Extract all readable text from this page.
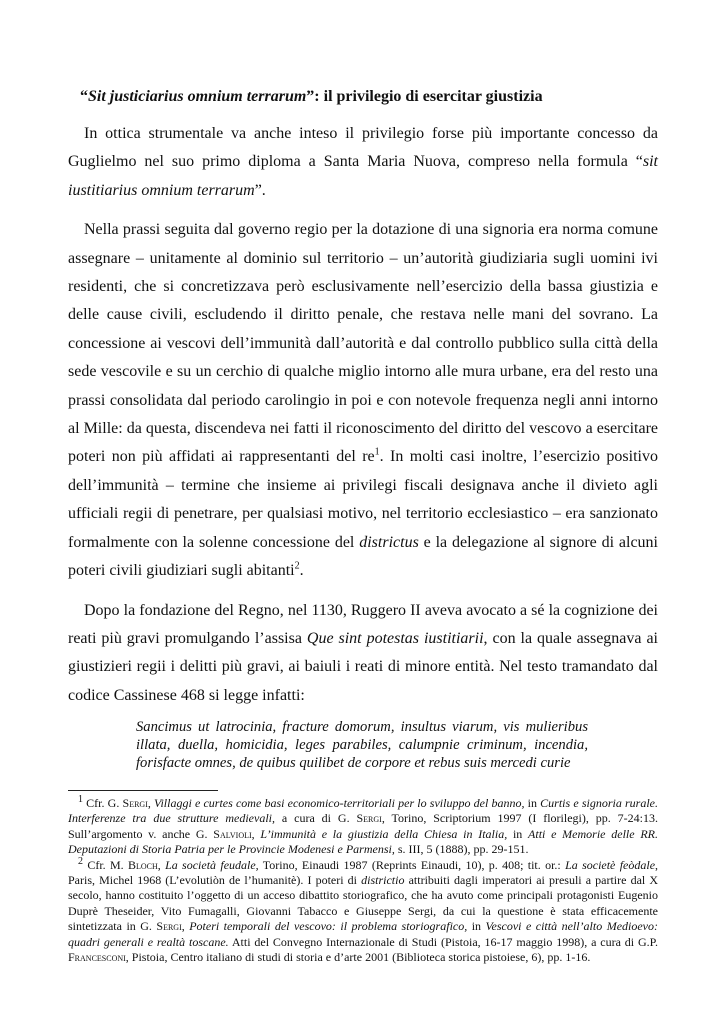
“Sit justiciarius omnium terrarum”: il privilegio di esercitar giustizia

In ottica strumentale va anche inteso il privilegio forse più importante concesso da Guglielmo nel suo primo diploma a Santa Maria Nuova, compreso nella formula “sit iustitiarius omnium terrarum”.

Nella prassi seguita dal governo regio per la dotazione di una signoria era norma comune assegnare – unitamente al dominio sul territorio – un’autorità giudiziaria sugli uomini ivi residenti, che si concretizzava però esclusivamente nell’esercizio della bassa giustizia e delle cause civili, escludendo il diritto penale, che restava nelle mani del sovrano. La concessione ai vescovi dell’immunità dall’autorità e dal controllo pubblico sulla città della sede vescovile e su un cerchio di qualche miglio intorno alle mura urbane, era del resto una prassi consolidata dal periodo carolingio in poi e con notevole frequenza negli anni intorno al Mille: da questa, discendeva nei fatti il riconoscimento del diritto del vescovo a esercitare poteri non più affidati ai rappresentanti del $re^1$. In molti casi inoltre, l’esercizio positivo dell’immunità – termine che insieme ai privilegi fiscali designava anche il divieto agli ufficiali regii di penetrare, per qualsiasi motivo, nel territorio ecclesiastico – era sanzionato formalmente con la solenne concessione del districtus e la delegazione al signore di alcuni poteri civili giudiziari sugli abitanti$^2$.

Dopo la fondazione del Regno, nel 1130, Ruggero II aveva avocato a sé la cognizione dei reati più gravi promulgando l’assisa Que sint potestas iustitiarii, con la quale assegnava ai giustizieri regii i delitti più gravi, ai baiuli i reati di minore entità. Nel testo tramandato dal codice Cassinese 468 si legge infatti:

Sancimus ut latrocinia, fracture domorum, insultus viarum, vis mulieribus illata, duella, homicidia, leges parabiles, calumpnie criminum, incendia, forisfacte omnes, de quibus quilibet de corpore et rebus suis mercedi curie

$^1$ Cfr. G. Sergi, Villaggi e curtes come basi economico-territoriali per lo sviluppo del banno, in Curtis e signoria rurale. Interferenze tra due strutture medievali, a cura di G. Sergi, Torino, Scriptorium 1997 (I florilegi), pp. 7-24:13. Sull’argomento v. anche G. Salvioli, L’immunità e la giustizia della Chiesa in Italia, in Atti e Memorie delle RR. Deputazioni di Storia Patria per le Provincie Modenesi e Parmensi, s. III, 5 (1888), pp. 29-151.

$^2$ Cfr. M. Bloch, La società feudale, Torino, Einaudi 1987 (Reprints Einaudi, 10), p. 408; tit. or.: La societè feòdale, Paris, Michel 1968 (L’evolutiòn de l’humanitè). I poteri di districtio attribuiti dagli imperatori ai presuli a partire dal X secolo, hanno costituito l’oggetto di un acceso dibattito storiografico, che ha avuto come principali protagonisti Eugenio Duprè Theseider, Vito Fumagalli, Giovanni Tabacco e Giuseppe Sergi, da cui la questione è stata efficacemente sintetizzata in G. Sergi, Poteri temporali del vescovo: il problema storiografico, in Vescovi e città nell’alto Medioevo: quadri generali e realtà toscane. Atti del Convegno Internazionale di Studi (Pistoia, 16-17 maggio 1998), a cura di G.P. Francesconi, Pistoia, Centro italiano di studi di storia e d’arte 2001 (Biblioteca storica pistoiese, 6), pp. 1-16.
